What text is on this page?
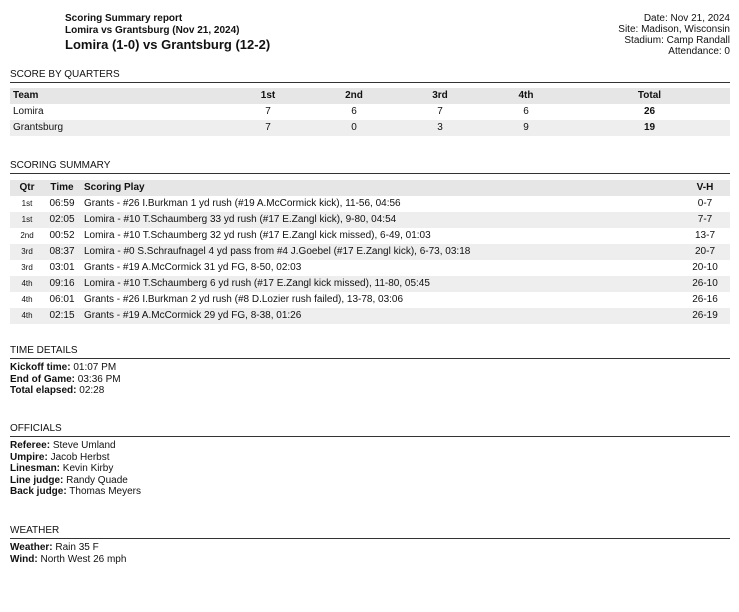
Scoring Summary report
Lomira vs Grantsburg (Nov 21, 2024)
Lomira (1-0) vs Grantsburg (12-2)
Date: Nov 21, 2024
Site: Madison, Wisconsin
Stadium: Camp Randall
Attendance: 0
SCORE BY QUARTERS
Team	1st	2nd	3rd	4th	Total
Lomira	7	6	7	6	26
Grantsburg	7	0	3	9	19
SCORING SUMMARY
Qtr	Time	Scoring Play	V-H
1st	06:59	Grants - #26 I.Burkman 1 yd rush (#19 A.McCormick kick), 11-56, 04:56	0-7
1st	02:05	Lomira - #10 T.Schaumberg 33 yd rush (#17 E.Zangl kick), 9-80, 04:54	7-7
2nd	00:52	Lomira - #10 T.Schaumberg 32 yd rush (#17 E.Zangl kick missed), 6-49, 01:03	13-7
3rd	08:37	Lomira - #0 S.Schraufnagel 4 yd pass from #4 J.Goebel (#17 E.Zangl kick), 6-73, 03:18	20-7
3rd	03:01	Grants - #19 A.McCormick 31 yd FG, 8-50, 02:03	20-10
4th	09:16	Lomira - #10 T.Schaumberg 6 yd rush (#17 E.Zangl kick missed), 11-80, 05:45	26-10
4th	06:01	Grants - #26 I.Burkman 2 yd rush (#8 D.Lozier rush failed), 13-78, 03:06	26-16
4th	02:15	Grants - #19 A.McCormick 29 yd FG, 8-38, 01:26	26-19
TIME DETAILS
Kickoff time: 01:07 PM
End of Game: 03:36 PM
Total elapsed: 02:28
OFFICIALS
Referee: Steve Umland
Umpire: Jacob Herbst
Linesman: Kevin Kirby
Line judge: Randy Quade
Back judge: Thomas Meyers
WEATHER
Weather: Rain 35 F
Wind: North West 26 mph
